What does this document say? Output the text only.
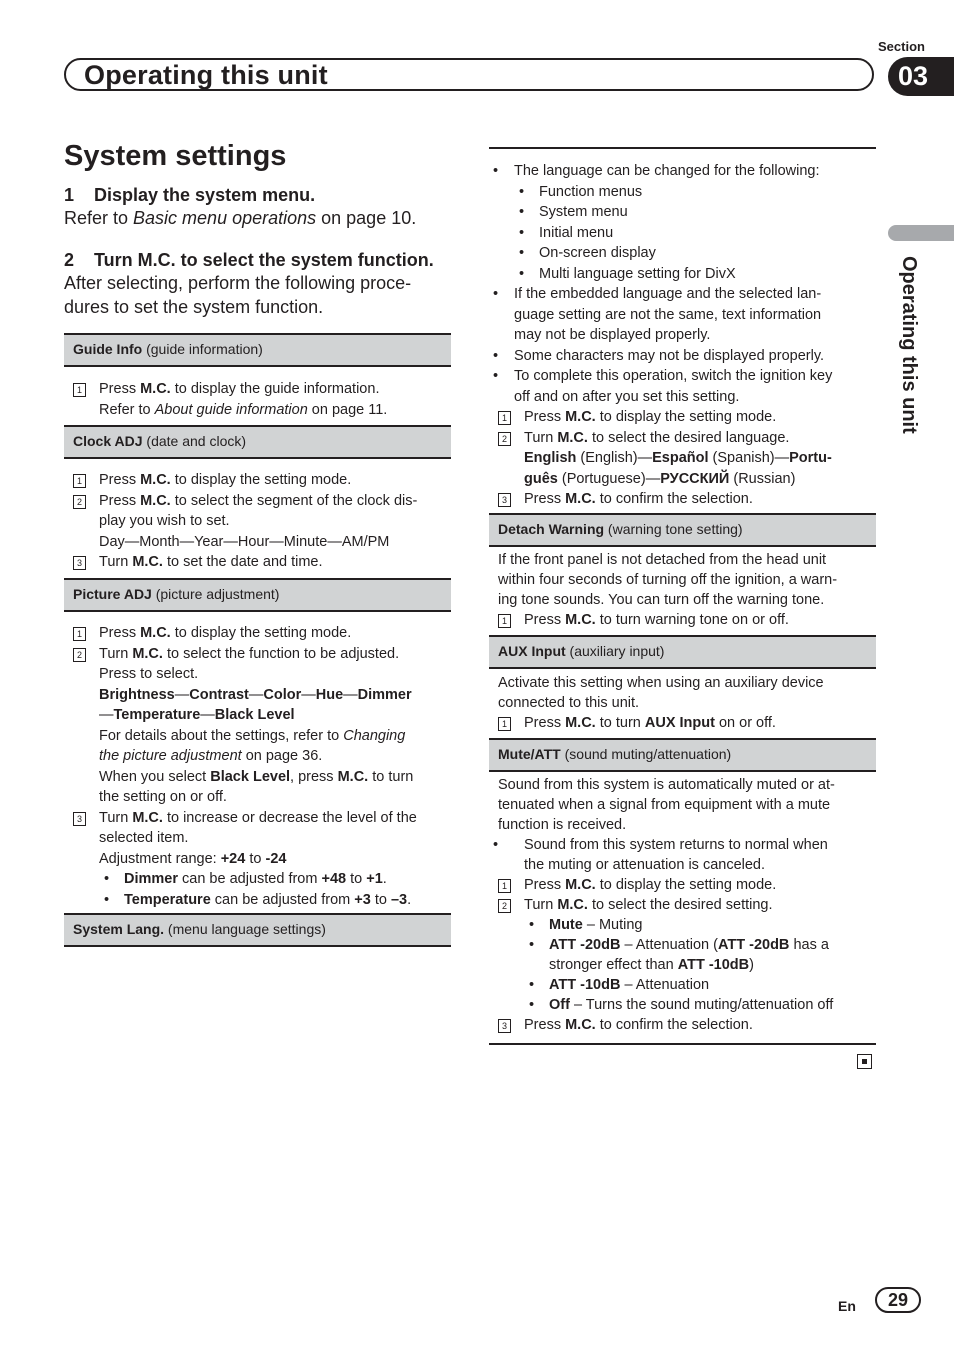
Operating this unit
Section
03
Operating this unit
System settings
1 Display the system menu.
Refer to Basic menu operations on page 10.
2 Turn M.C. to select the system function.
After selecting, perform the following proce-
dures to set the system function.
Guide Info (guide information)
1 Press M.C. to display the guide information.
Refer to About guide information on page 11.
Clock ADJ (date and clock)
1 Press M.C. to display the setting mode.
2 Press M.C. to select the segment of the clock dis-
play you wish to set.
Day—Month—Year—Hour—Minute—AM/PM
3 Turn M.C. to set the date and time.
Picture ADJ (picture adjustment)
1 Press M.C. to display the setting mode.
2 Turn M.C. to select the function to be adjusted.
Press to select.
Brightness—Contrast—Color—Hue—Dimmer
—Temperature—Black Level
For details about the settings, refer to Changing
the picture adjustment on page 36.
When you select Black Level, press M.C. to turn
the setting on or off.
3 Turn M.C. to increase or decrease the level of the
selected item.
Adjustment range: +24 to -24
• Dimmer can be adjusted from +48 to +1.
• Temperature can be adjusted from +3 to –3.
System Lang. (menu language settings)
• The language can be changed for the following:
• Function menus
• System menu
• Initial menu
• On-screen display
• Multi language setting for DivX
• If the embedded language and the selected lan-
guage setting are not the same, text information
may not be displayed properly.
• Some characters may not be displayed properly.
• To complete this operation, switch the ignition key
off and on after you set this setting.
1 Press M.C. to display the setting mode.
2 Turn M.C. to select the desired language.
English (English)—Español (Spanish)—Portu-
guês (Portuguese)—РУССКИЙ (Russian)
3 Press M.C. to confirm the selection.
Detach Warning (warning tone setting)
If the front panel is not detached from the head unit
within four seconds of turning off the ignition, a warn-
ing tone sounds. You can turn off the warning tone.
1 Press M.C. to turn warning tone on or off.
AUX Input (auxiliary input)
Activate this setting when using an auxiliary device
connected to this unit.
1 Press M.C. to turn AUX Input on or off.
Mute/ATT (sound muting/attenuation)
Sound from this system is automatically muted or at-
tenuated when a signal from equipment with a mute
function is received.
• Sound from this system returns to normal when
the muting or attenuation is canceled.
1 Press M.C. to display the setting mode.
2 Turn M.C. to select the desired setting.
• Mute – Muting
• ATT -20dB – Attenuation (ATT -20dB has a
stronger effect than ATT -10dB)
• ATT -10dB – Attenuation
• Off – Turns the sound muting/attenuation off
3 Press M.C. to confirm the selection.
En	29
